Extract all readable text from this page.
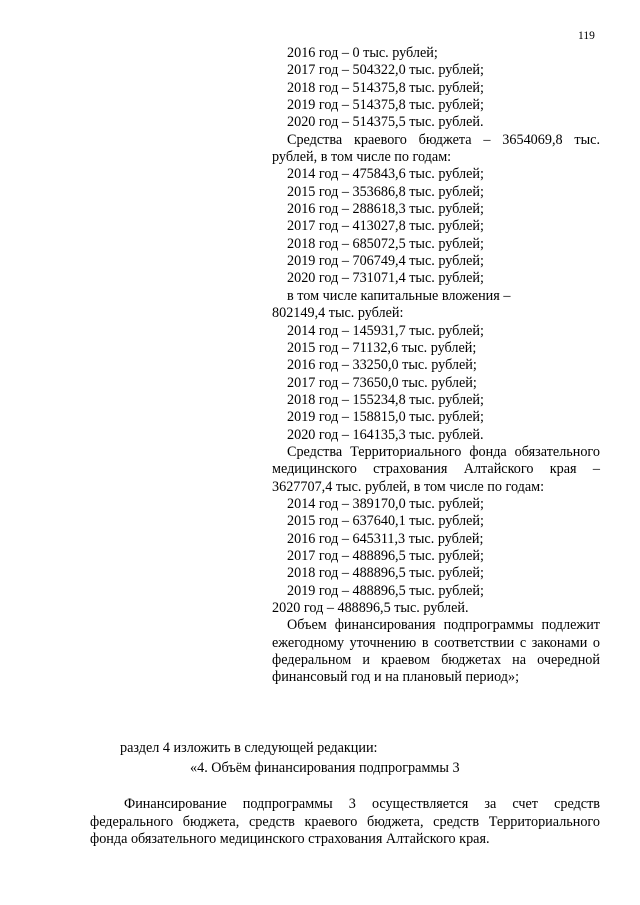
119
2016 год – 0 тыс. рублей;
2017 год – 504322,0 тыс. рублей;
2018 год – 514375,8 тыс. рублей;
2019 год – 514375,8 тыс. рублей;
2020 год – 514375,5 тыс. рублей.
Средства краевого бюджета – 3654069,8 тыс. рублей, в том числе по годам:
2014 год – 475843,6 тыс. рублей;
2015 год – 353686,8 тыс. рублей;
2016 год – 288618,3 тыс. рублей;
2017 год – 413027,8 тыс. рублей;
2018 год – 685072,5 тыс. рублей;
2019 год – 706749,4 тыс. рублей;
2020 год – 731071,4 тыс. рублей;
в том числе капитальные вложения –
802149,4 тыс. рублей:
2014 год – 145931,7 тыс. рублей;
2015 год – 71132,6 тыс. рублей;
2016 год – 33250,0 тыс. рублей;
2017 год – 73650,0 тыс. рублей;
2018 год – 155234,8 тыс. рублей;
2019 год – 158815,0 тыс. рублей;
2020 год – 164135,3 тыс. рублей.
Средства Территориального фонда обязательного медицинского страхования Алтайского края – 3627707,4 тыс. рублей, в том числе по годам:
2014 год – 389170,0 тыс. рублей;
2015 год – 637640,1 тыс. рублей;
2016 год – 645311,3 тыс. рублей;
2017 год – 488896,5 тыс. рублей;
2018 год – 488896,5 тыс. рублей;
2019 год – 488896,5 тыс. рублей;
2020 год – 488896,5 тыс. рублей.
Объем финансирования подпрограммы подлежит ежегодному уточнению в соответствии с законами о федеральном и краевом бюджетах на очередной финансовый год и на плановый период»;
раздел 4 изложить в следующей редакции:
«4. Объём финансирования подпрограммы 3
Финансирование подпрограммы 3 осуществляется за счет средств федерального бюджета, средств краевого бюджета, средств Территориального фонда обязательного медицинского страхования Алтайского края.
